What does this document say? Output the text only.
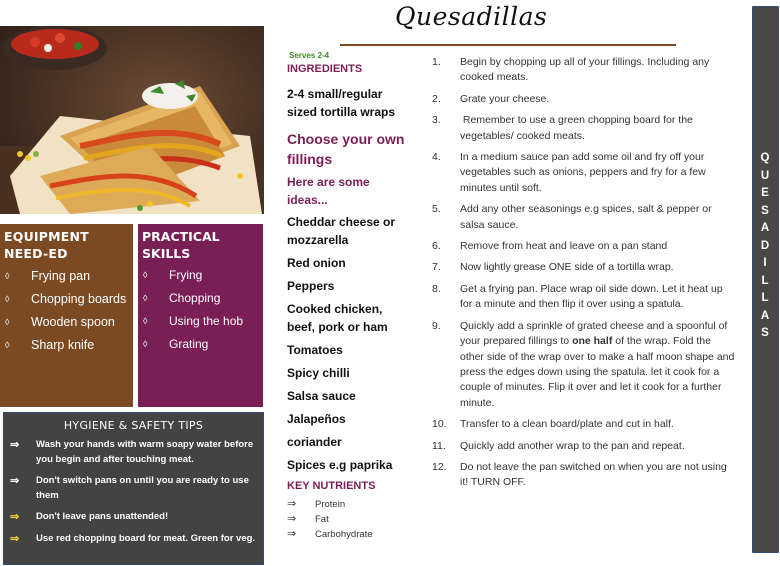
Quesadillas
EQUIPMENT NEED-ED
◊	Frying pan
◊	Chopping boards
◊	Wooden spoon
◊	Sharp knife
PRACTICAL SKILLS
◊	Frying
◊	Chopping
◊	Using the hob
◊	Grating
HYGIENE & SAFETY TIPS
⇒	Wash your hands with warm soapy water before you begin and after touching meat.
⇒	Don't switch pans on until you are ready to use them
⇒	Don't leave pans unattended!
⇒	Use red chopping board for meat. Green for veg.
Serves 2-4
INGREDIENTS
2-4 small/regular sized tortilla wraps
Choose your own fillings
Here are some ideas...
Cheddar cheese or mozzarella
Red onion
Peppers
Cooked chicken, beef, pork or ham
Tomatoes
Spicy chilli
Salsa sauce
Jalapeños
coriander
Spices e.g paprika
KEY NUTRIENTS
⇒	Protein
⇒	Fat
⇒	Carbohydrate
1.	Begin by chopping up all of your fillings. Including any cooked meats.
2.	Grate your cheese.
3.	Remember to use a green chopping board for the vegetables/ cooked meats.
4.	In a medium sauce pan add some oil and fry off your vegetables such as onions, peppers and fry for a few minutes until soft.
5.	Add any other seasonings e.g spices, salt & pepper or salsa sauce.
6.	Remove from heat and leave on a pan stand
7.	Now lightly grease ONE side of a tortilla wrap.
8.	Get a frying pan. Place wrap oil side down. Let it heat up for a minute and then flip it over using a spatula.
9.	Quickly add a sprinkle of grated cheese and a spoonful of your prepared fillings to one half of the wrap. Fold the other side of the wrap over to make a half moon shape and press the edges down using the spatula. let it cook for a couple of minutes. Flip it over and let it cook for a further minute.
10.	Transfer to a clean board/plate and cut in half.
11.	Quickly add another wrap to the pan and repeat.
12.	Do not leave the pan switched on when you are not using it! TURN OFF.
Q
U
E
S
A
D
I
L
L
A
S
